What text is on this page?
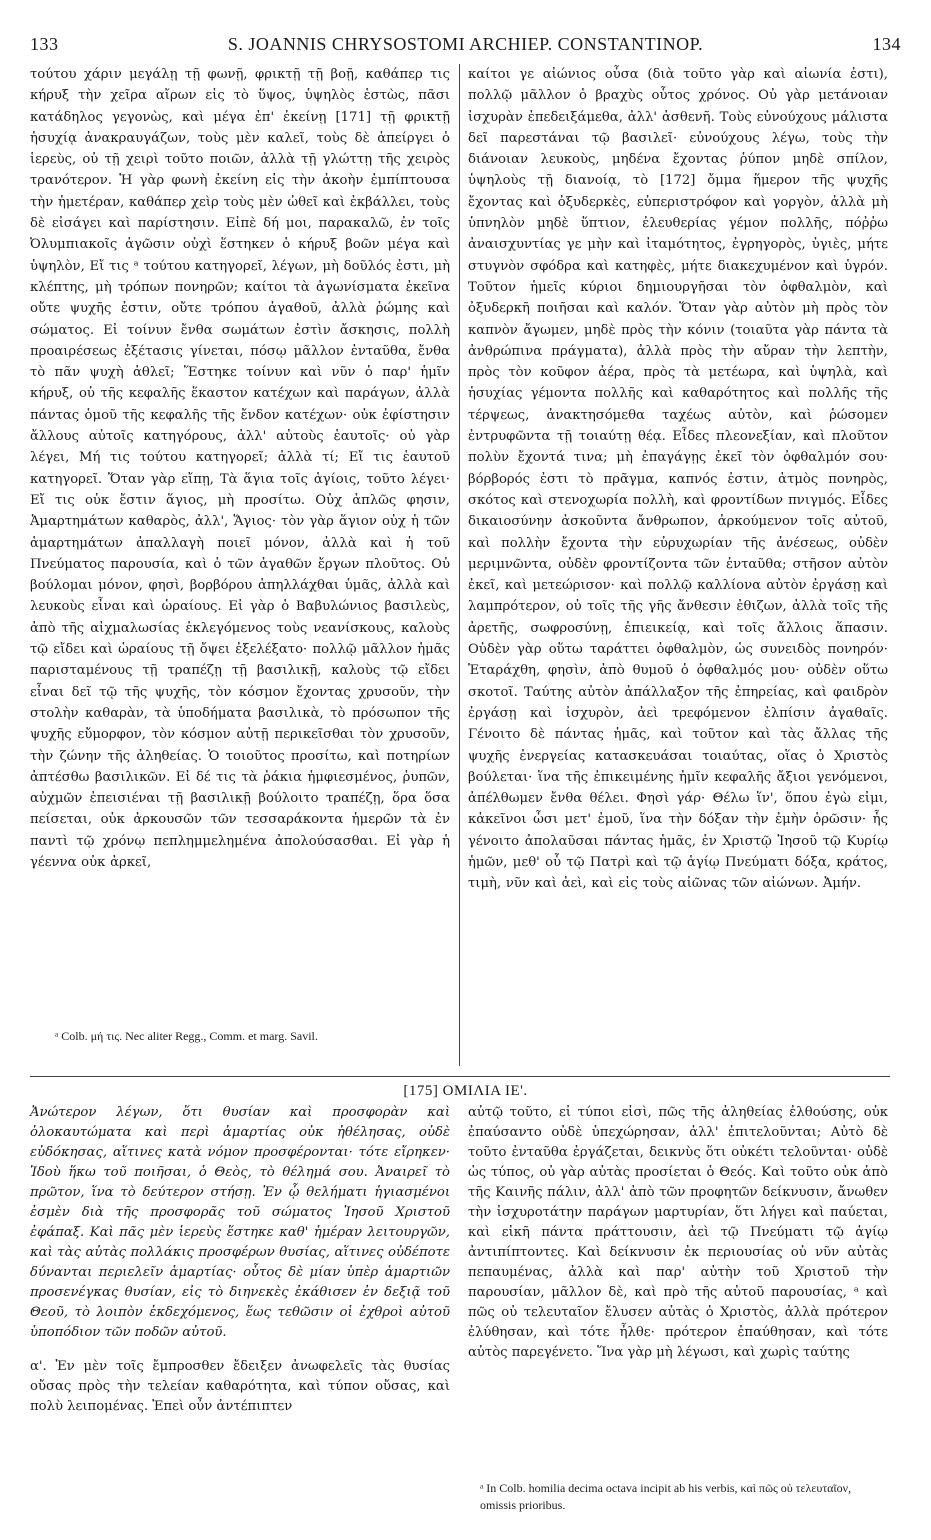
133	S. JOANNIS CHRYSOSTOMI ARCHIEP. CONSTANTINOP.	134
τούτου χάριν μεγάλῃ τῇ φωνῇ, φρικτῇ τῇ βοῇ, καθάπερ τις κήρυξ τὴν χεῖρα αἴρων εἰς τὸ ὕψος, ὑψηλὸς ἑστὼς, πᾶσι κατάδηλος γεγονὼς, καὶ μέγα ἐπ' ἐκείνῃ [171] τῇ φρικτῇ ἡσυχίᾳ ἀνακραυγάζων, τοὺς μὲν καλεῖ, τοὺς δὲ ἀπείργει ὁ ἱερεὺς, οὐ τῇ χειρὶ τοῦτο ποιῶν, ἀλλὰ τῇ γλώττῃ τῆς χειρὸς τρανότερον. Ἡ γὰρ φωνὴ ἐκείνη εἰς τὴν ἀκοὴν ἐμπίπτουσα τὴν ἡμετέραν, καθάπερ χεὶρ τοὺς μὲν ὠθεῖ καὶ ἐκβάλλει, τοὺς δὲ εἰσάγει καὶ παρίστησιν. Εἰπὲ δή μοι, παρακαλῶ, ἐν τοῖς Ὀλυμπιακοῖς ἀγῶσιν οὐχὶ ἕστηκεν ὁ κήρυξ βοῶν μέγα καὶ ὑψηλὸν, Εἴ τις ᵃ τούτου κατηγορεῖ, λέγων, μὴ δοῦλός ἐστι, μὴ κλέπτης, μὴ τρόπων πονηρῶν; καίτοι τὰ ἀγωνίσματα ἐκεῖνα οὔτε ψυχῆς ἐστιν, οὔτε τρόπου ἀγαθοῦ, ἀλλὰ ῥώμης καὶ σώματος. Εἰ τοίνυν ἔνθα σωμάτων ἐστὶν ἄσκησις, πολλὴ προαιρέσεως ἐξέτασις γίνεται, πόσῳ μᾶλλον ἐνταῦθα, ἔνθα τὸ πᾶν ψυχὴ ἀθλεῖ; Ἕστηκε τοίνυν καὶ νῦν ὁ παρ' ἡμῖν κήρυξ, οὐ τῆς κεφαλῆς ἕκαστον κατέχων καὶ παράγων, ἀλλὰ πάντας ὁμοῦ τῆς κεφαλῆς τῆς ἔνδον κατέχων· οὐκ ἐφίστησιν ἄλλους αὐτοῖς κατηγόρους, ἀλλ' αὐτοὺς ἑαυτοῖς· οὐ γὰρ λέγει, Μή τις τούτου κατηγορεῖ; ἀλλὰ τί; Εἴ τις ἑαυτοῦ κατηγορεῖ. Ὅταν γὰρ εἴπῃ, Τὰ ἅγια τοῖς ἁγίοις, τοῦτο λέγει· Εἴ τις οὐκ ἔστιν ἅγιος, μὴ προσίτω. Οὐχ ἁπλῶς φησιν, Ἀμαρτημάτων καθαρὸς, ἀλλ', Ἅγιος· τὸν γὰρ ἅγιον οὐχ ἡ τῶν ἁμαρτημάτων ἀπαλλαγὴ ποιεῖ μόνον, ἀλλὰ καὶ ἡ τοῦ Πνεύματος παρουσία, καὶ ὁ τῶν ἀγαθῶν ἔργων πλοῦτος. Οὐ βούλομαι μόνον, φησὶ, βορβόρου ἀπηλλάχθαι ὑμᾶς, ἀλλὰ καὶ λευκοὺς εἶναι καὶ ὡραίους. Εἰ γὰρ ὁ Βαβυλώνιος βασιλεὺς, ἀπὸ τῆς αἰχμαλωσίας ἐκλεγόμενος τοὺς νεανίσκους, καλοὺς τῷ εἴδει καὶ ὡραίους τῇ ὄψει ἐξελέξατο· πολλῷ μᾶλλον ἡμᾶς παρισταμένους τῇ τραπέζῃ τῇ βασιλικῇ, καλοὺς τῷ εἴδει εἶναι δεῖ τῷ τῆς ψυχῆς, τὸν κόσμον ἔχοντας χρυσοῦν, τὴν στολὴν καθαρὰν, τὰ ὑποδήματα βασιλικὰ, τὸ πρόσωπον τῆς ψυχῆς εὔμορφον, τὸν κόσμον αὐτῇ περικεῖσθαι τὸν χρυσοῦν, τὴν ζώνην τῆς ἀληθείας. Ὁ τοιοῦτος προσίτω, καὶ ποτηρίων ἀπτέσθω βασιλικῶν. Εἰ δέ τις τὰ ῥάκια ἡμφιεσμένος, ῥυπῶν, αὐχμῶν ἐπεισιέναι τῇ βασιλικῇ βούλοιτο τραπέζῃ, ὅρα ὅσα πείσεται, οὐκ ἀρκουσῶν τῶν τεσσαράκοντα ἡμερῶν τὰ ἐν παντὶ τῷ χρόνῳ πεπλημμελημένα ἀπολούσασθαι. Εἰ γὰρ ἡ γέεννα οὐκ ἀρκεῖ,
καίτοι γε αἰώνιος οὖσα (διὰ τοῦτο γὰρ καὶ αἰωνία ἐστι), πολλῷ μᾶλλον ὁ βραχὺς οὗτος χρόνος. Οὐ γὰρ μετάνοιαν ἰσχυρὰν ἐπεδειξάμεθα, ἀλλ' ἀσθενῆ. Τοὺς εὐνούχους μάλιστα δεῖ παρεστάναι τῷ βασιλεῖ· εὐνούχους λέγω, τοὺς τὴν διάνοιαν λευκοὺς, μηδένα ἔχοντας ῥύπον μηδὲ σπίλον, ὑψηλοὺς τῇ διανοίᾳ, τὸ [172] ὄμμα ἥμερον τῆς ψυχῆς ἔχοντας καὶ ὀξυδερκὲς, εὐπεριστρόφον καὶ γοργὸν, ἀλλὰ μὴ ὑπνηλὸν μηδὲ ὕπτιον, ἐλευθερίας γέμον πολλῆς, πόῤῥω ἀναισχυντίας γε μὴν καὶ ἰταμότητος, ἐγρηγορὸς, ὑγιὲς, μήτε στυγνὸν σφόδρα καὶ κατηφὲς, μήτε διακεχυμένον καὶ ὑγρόν. Τοῦτον ἡμεῖς κύριοι δημιουργῆσαι τὸν ὀφθαλμὸν, καὶ ὀξυδερκῆ ποιῆσαι καὶ καλόν. Ὅταν γὰρ αὐτὸν μὴ πρὸς τὸν καπνὸν ἄγωμεν, μηδὲ πρὸς τὴν κόνιν (τοιαῦτα γὰρ πάντα τὰ ἀνθρώπινα πράγματα), ἀλλὰ πρὸς τὴν αὔραν τὴν λεπτὴν, πρὸς τὸν κοῦφον ἀέρα, πρὸς τὰ μετέωρα, καὶ ὑψηλὰ, καὶ ἡσυχίας γέμοντα πολλῆς καὶ καθαρότητος καὶ πολλῆς τῆς τέρψεως, ἀνακτησόμεθα ταχέως αὐτὸν, καὶ ῥώσομεν ἐντρυφῶντα τῇ τοιαύτῃ θέᾳ. Εἶδες πλεονεξίαν, καὶ πλοῦτον πολὺν ἔχοντά τινα; μὴ ἐπαγάγῃς ἐκεῖ τὸν ὀφθαλμόν σου· βόρβορός ἐστι τὸ πρᾶγμα, καπνός ἐστιν, ἀτμὸς πονηρὸς, σκότος καὶ στενοχωρία πολλὴ, καὶ φροντίδων πνιγμός. Εἶδες δικαιοσύνην ἀσκοῦντα ἄνθρωπον, ἀρκούμενον τοῖς αὐτοῦ, καὶ πολλὴν ἔχοντα τὴν εὐρυχωρίαν τῆς ἀνέσεως, οὐδὲν μεριμνῶντα, οὐδὲν φροντίζοντα τῶν ἐνταῦθα; στῆσον αὐτὸν ἐκεῖ, καὶ μετεώρισον· καὶ πολλῷ καλλίονα αὐτὸν ἐργάσῃ καὶ λαμπρότερον, οὐ τοῖς τῆς γῆς ἄνθεσιν ἐθιζων, ἀλλὰ τοῖς τῆς ἀρετῆς, σωφροσύνῃ, ἐπιεικείᾳ, καὶ τοῖς ἄλλοις ἅπασιν. Οὐδὲν γὰρ οὕτω ταράττει ὀφθαλμὸν, ὡς συνειδὸς πονηρόν· Ἐταράχθη, φησὶν, ἀπὸ θυμοῦ ὁ ὀφθαλμός μου· οὐδὲν οὕτω σκοτοῖ. Ταύτης αὐτὸν ἀπάλλαξον τῆς ἐπηρείας, καὶ φαιδρὸν ἐργάσῃ καὶ ἰσχυρὸν, ἀεὶ τρεφόμενον ἐλπίσιν ἀγαθαῖς. Γένοιτο δὲ πάντας ἡμᾶς, καὶ τοῦτον καὶ τὰς ἄλλας τῆς ψυχῆς ἐνεργείας κατασκευάσαι τοιαύτας, οἵας ὁ Χριστὸς βούλεται· ἵνα τῆς ἐπικειμένης ἡμῖν κεφαλῆς ἄξιοι γενόμενοι, ἀπέλθωμεν ἔνθα θέλει. Φησὶ γάρ· Θέλω ἵν', ὅπου ἐγὼ εἰμι, κἀκεῖνοι ὦσι μετ' ἐμοῦ, ἵνα τὴν δόξαν τὴν ἐμὴν ὁρῶσιν· ἧς γένοιτο ἀπολαῦσαι πάντας ἡμᾶς, ἐν Χριστῷ Ἰησοῦ τῷ Κυρίῳ ἡμῶν, μεθ' οὗ τῷ Πατρὶ καὶ τῷ ἁγίῳ Πνεύματι δόξα, κράτος, τιμὴ, νῦν καὶ ἀεὶ, καὶ εἰς τοὺς αἰῶνας τῶν αἰώνων. Ἀμήν.
ᵃ Colb. μή τις. Nec aliter Regg., Comm. et marg. Savil.
[175] ΟΜΙΛΙΑ ΙΕ'.
Ἀνώτερον λέγων, ὅτι θυσίαν καὶ προσφορὰν καὶ ὁλοκαυτώματα καὶ περὶ ἁμαρτίας οὐκ ἠθέλησας, οὐδὲ εὐδόκησας, αἵτινες κατὰ νόμον προσφέρονται· τότε εἴρηκεν· Ἰδοὺ ἥκω τοῦ ποιῆσαι, ὁ Θεὸς, τὸ θέλημά σου. Ἀναιρεῖ τὸ πρῶτον, ἵνα τὸ δεύτερον στήσῃ. Ἐν ᾧ θελήματι ἡγιασμένοι ἐσμὲν διὰ τῆς προσφορᾶς τοῦ σώματος Ἰησοῦ Χριστοῦ ἐφάπαξ. Καὶ πᾶς μὲν ἱερεὺς ἕστηκε καθ' ἡμέραν λειτουργῶν, καὶ τὰς αὐτὰς πολλάκις προσφέρων θυσίας, αἵτινες οὐδέποτε δύνανται περιελεῖν ἁμαρτίας· οὗτος δὲ μίαν ὑπὲρ ἁμαρτιῶν προσενέγκας θυσίαν, εἰς τὸ διηνεκὲς ἐκάθισεν ἐν δεξιᾷ τοῦ Θεοῦ, τὸ λοιπὸν ἐκδεχόμενος, ἕως τεθῶσιν οἱ ἐχθροὶ αὐτοῦ ὑποπόδιον τῶν ποδῶν αὐτοῦ.
α'. Ἐν μὲν τοῖς ἔμπροσθεν ἔδειξεν ἀνωφελεῖς τὰς θυσίας οὔσας πρὸς τὴν τελείαν καθαρότητα, καὶ τύπον οὔσας, καὶ πολὺ λειπομένας. Ἐπεὶ οὖν ἀντέπιπτεν
αὐτῷ τοῦτο, εἰ τύποι εἰσὶ, πῶς τῆς ἀληθείας ἐλθούσης, οὐκ ἐπαύσαντο οὐδὲ ὑπεχώρησαν, ἀλλ' ἐπιτελοῦνται; Αὐτὸ δὲ τοῦτο ἐνταῦθα ἐργάζεται, δεικνὺς ὅτι οὐκέτι τελοῦνται· οὐδὲ ὡς τύπος, οὐ γὰρ αὐτὰς προσίεται ὁ Θεός. Καὶ τοῦτο οὐκ ἀπὸ τῆς Καινῆς πάλιν, ἀλλ' ἀπὸ τῶν προφητῶν δείκνυσιν, ἄνωθεν τὴν ἰσχυροτάτην παράγων μαρτυρίαν, ὅτι λήγει καὶ παύεται, καὶ εἰκῆ πάντα πράττουσιν, ἀεὶ τῷ Πνεύματι τῷ ἁγίῳ ἀντιπίπτοντες. Καὶ δείκνυσιν ἐκ περιουσίας οὐ νῦν αὐτὰς πεπαυμένας, ἀλλὰ καὶ παρ' αὐτὴν τοῦ Χριστοῦ τὴν παρουσίαν, μᾶλλον δὲ, καὶ πρὸ τῆς αὐτοῦ παρουσίας, ᵃ καὶ πῶς οὐ τελευταῖον ἔλυσεν αὐτὰς ὁ Χριστὸς, ἀλλὰ πρότερον ἐλύθησαν, καὶ τότε ἦλθε· πρότερον ἐπαύθησαν, καὶ τότε αὐτὸς παρεγένετο. Ἵνα γὰρ μὴ λέγωσι, καὶ χωρὶς ταύτης
ᵃ In Colb. homilia decima octava incipit ab his verbis, καὶ πῶς οὐ τελευταῖον, omissis prioribus.
